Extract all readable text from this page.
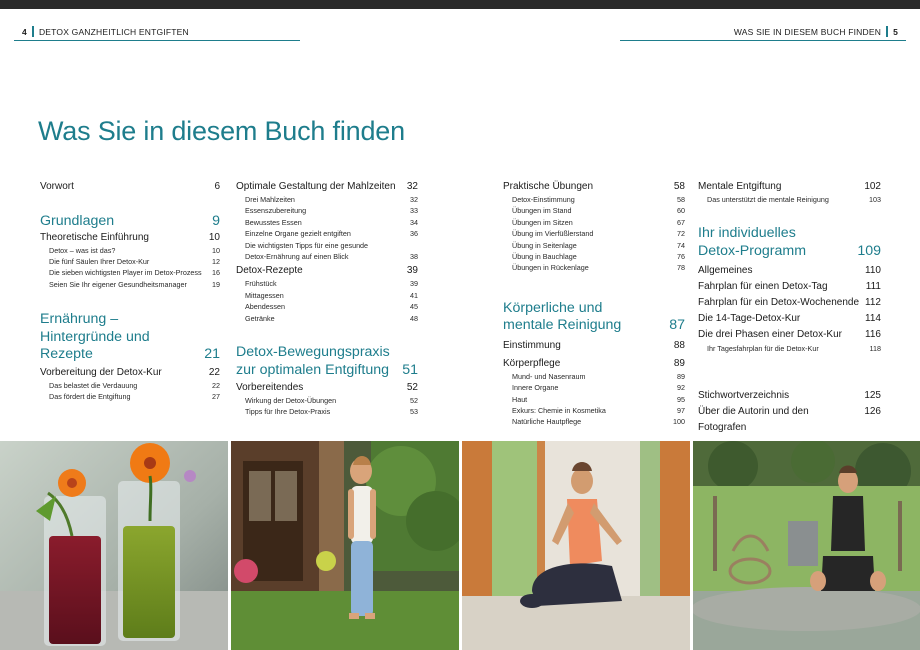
4 DETOX GANZHEITLICH ENTGIFTEN	WAS SIE IN DIESEM BUCH FINDEN 5
Was Sie in diesem Buch finden
Vorwort	6
Grundlagen	9
Theoretische Einführung	10
Detox – was ist das?	10
Die fünf Säulen Ihrer Detox-Kur	12
Die sieben wichtigsten Player im Detox-Prozess	16
Seien Sie Ihr eigener Gesundheitsmanager	19
Ernährung –
Hintergründe und Rezepte	21
Vorbereitung der Detox-Kur	22
Das belastet die Verdauung	22
Das fördert die Entgiftung	27
Optimale Gestaltung der Mahlzeiten	32
Drei Mahlzeiten	32
Essenszubereitung	33
Bewusstes Essen	34
Einzelne Organe gezielt entgiften	36
Die wichtigsten Tipps für eine gesunde
Detox-Ernährung auf einen Blick	38
Detox-Rezepte	39
Frühstück	39
Mittagessen	41
Abendessen	45
Getränke	48
Detox-Bewegungspraxis
zur optimalen Entgiftung 51
Vorbereitendes	52
Wirkung der Detox-Übungen	52
Tipps für Ihre Detox-Praxis	53
Praktische Übungen	58
Detox-Einstimmung	58
Übungen im Stand	60
Übungen im Sitzen	67
Übung im Vierfüßlerstand	72
Übung in Seitenlage	74
Übung in Bauchlage	76
Übungen in Rückenlage	78
Körperliche und
mentale Reinigung	87
Einstimmung	88
Körperpflege	89
Mund- und Nasenraum	89
Innere Organe	92
Haut	95
Exkurs: Chemie in Kosmetika	97
Natürliche Hautpflege	100
Mentale Entgiftung	102
Das unterstützt die mentale Reinigung	103
Ihr individuelles
Detox-Programm	109
Allgemeines	110
Fahrplan für einen Detox-Tag	111
Fahrplan für ein Detox-Wochenende 112
Die 14-Tage-Detox-Kur	114
Die drei Phasen einer Detox-Kur	116
Ihr Tagesfahrplan für die Detox-Kur	118
Stichwortverzeichnis	125
Über die Autorin und den Fotografen
126
